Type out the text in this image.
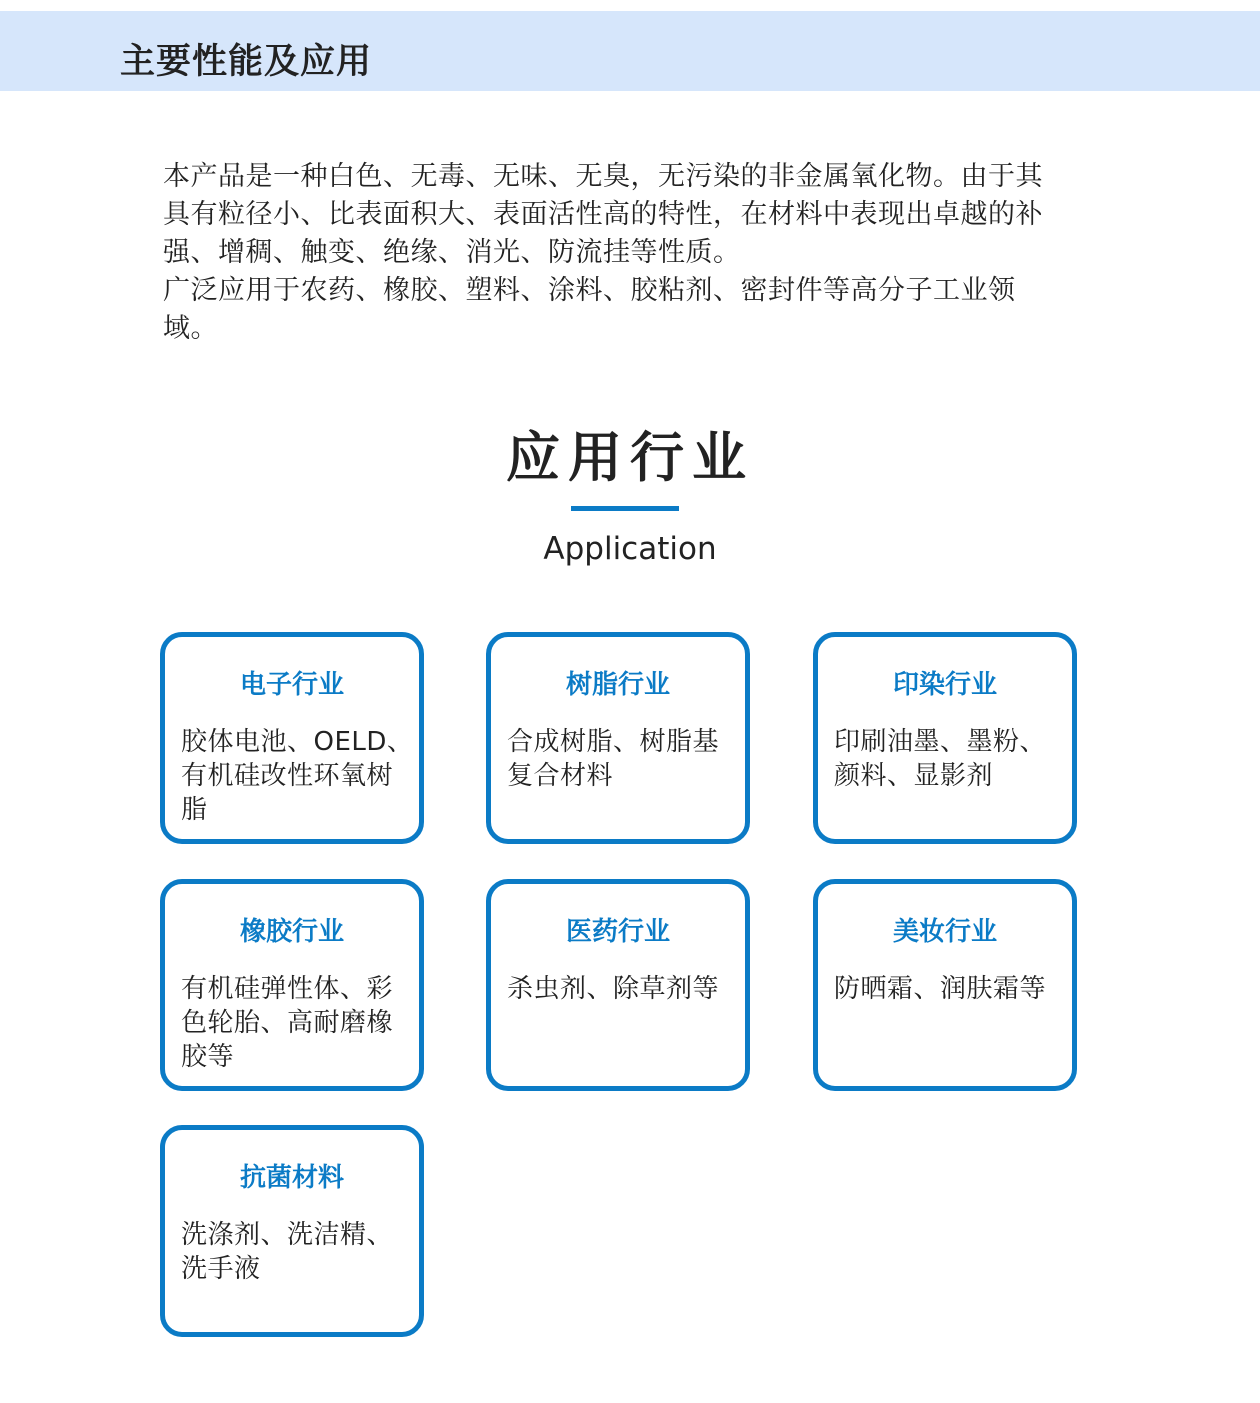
主要性能及应用

本产品是一种白色、无毒、无味、无臭，无污染的非金属氧化物。由于其具有粒径小、比表面积大、表面活性高的特性，在材料中表现出卓越的补强、增稠、触变、绝缘、消光、防流挂等性质。

广泛应用于农药、橡胶、塑料、涂料、胶粘剂、密封件等高分子工业领域。

应用行业
Application
电子行业
胶体电池、OELD、有机硅改性环氧树脂
树脂行业
合成树脂、树脂基复合材料
印染行业
印刷油墨、墨粉、颜料、显影剂
橡胶行业
有机硅弹性体、彩色轮胎、高耐磨橡胶等
医药行业
杀虫剂、除草剂等
美妆行业
防晒霜、润肤霜等
抗菌材料
洗涤剂、洗洁精、洗手液
